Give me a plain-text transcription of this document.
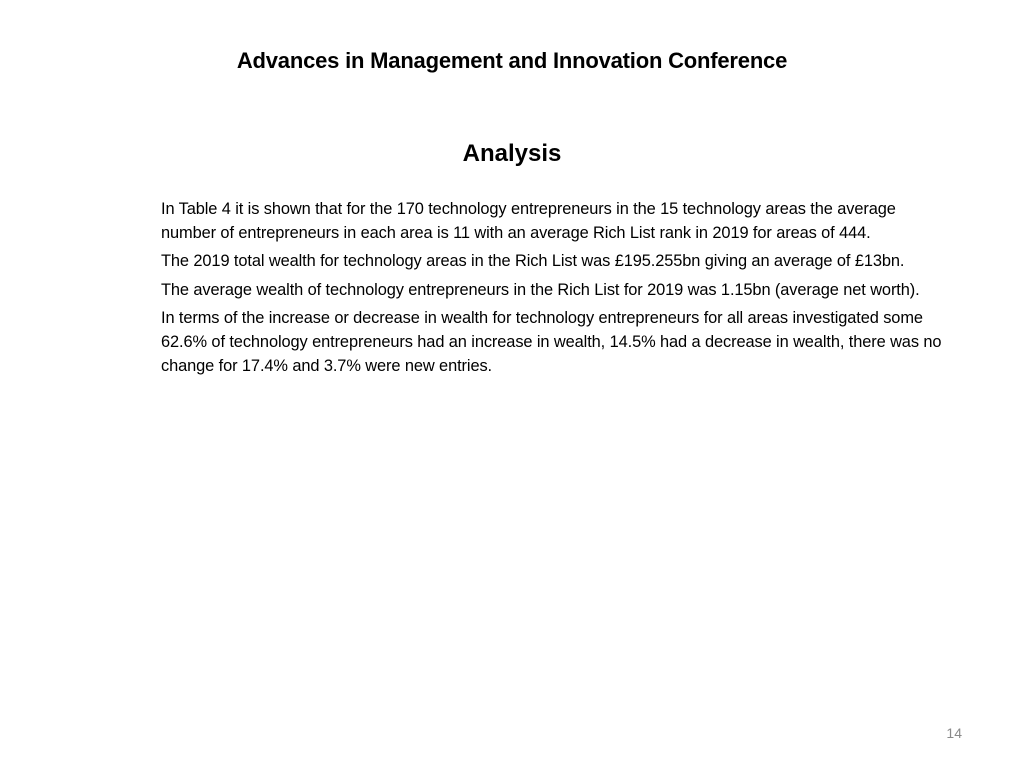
Advances in Management and Innovation Conference
Analysis

In Table 4 it is shown that for the 170 technology entrepreneurs in the 15 technology areas the average number of entrepreneurs in each area is 11 with an average Rich List rank in 2019 for areas of 444.

The 2019 total wealth for technology areas in the Rich List was £195.255bn giving an average of £13bn.

The average wealth of technology entrepreneurs in the Rich List for 2019 was 1.15bn (average net worth).

In terms of the increase or decrease in wealth for technology entrepreneurs for all areas investigated some 62.6% of technology entrepreneurs had an increase in wealth, 14.5% had a decrease in wealth, there was no change for 17.4% and 3.7% were new entries.

14
